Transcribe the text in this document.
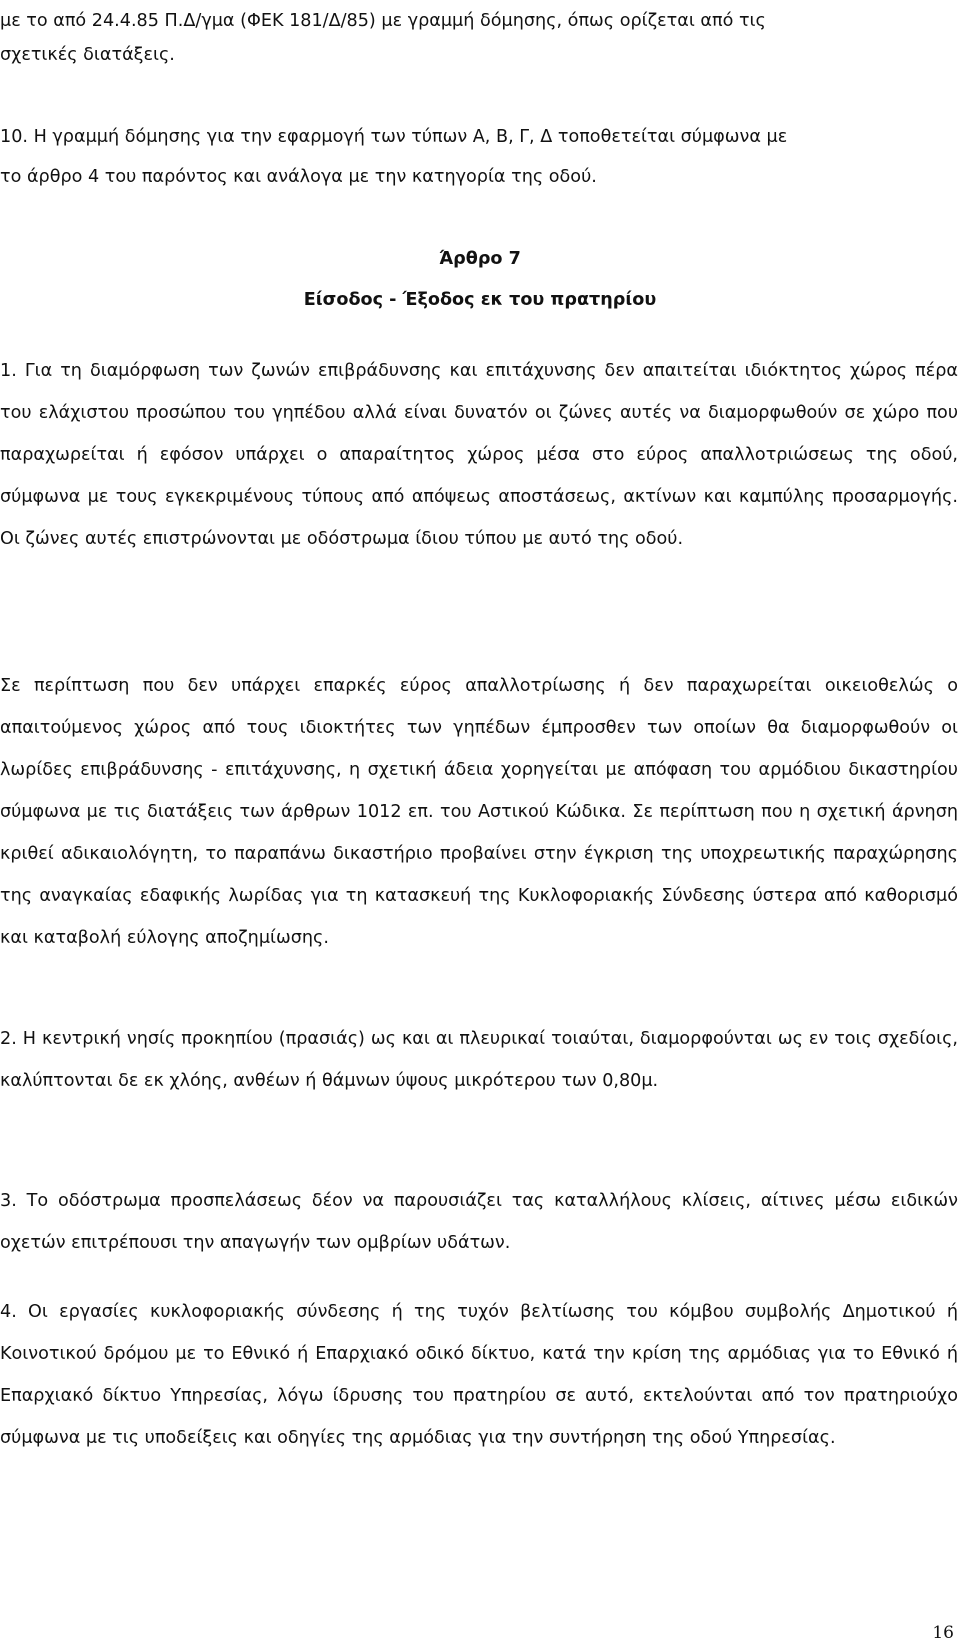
με το από 24.4.85 Π.Δ/γμα (ΦΕΚ 181/Δ/85) με γραμμή δόμησης, όπως ορίζεται από τις

σχετικές διατάξεις.

10. Η γραμμή δόμησης για την εφαρμογή των τύπων Α, Β, Γ, Δ τοποθετείται σύμφωνα με

το άρθρο 4 του παρόντος και ανάλογα με την κατηγορία της οδού.

Άρθρο 7
Είσοδος - Έξοδος εκ του πρατηρίου

1. Για τη διαμόρφωση των ζωνών επιβράδυνσης και επιτάχυνσης δεν απαιτείται ιδιόκτητος χώρος πέρα του ελάχιστου προσώπου του γηπέδου αλλά είναι δυνατόν οι ζώνες αυτές να διαμορφωθούν σε χώρο που παραχωρείται ή εφόσον υπάρχει ο απαραίτητος χώρος μέσα στο εύρος απαλλοτριώσεως της οδού, σύμφωνα με τους εγκεκριμένους τύπους από απόψεως αποστάσεως, ακτίνων και καμπύλης προσαρμογής. Οι ζώνες αυτές επιστρώνονται με οδόστρωμα ίδιου τύπου με αυτό της οδού.

Σε περίπτωση που δεν υπάρχει επαρκές εύρος απαλλοτρίωσης ή δεν παραχωρείται οικειοθελώς ο απαιτούμενος χώρος από τους ιδιοκτήτες των γηπέδων έμπροσθεν των οποίων θα διαμορφωθούν οι λωρίδες επιβράδυνσης - επιτάχυνσης, η σχετική άδεια χορηγείται με απόφαση του αρμόδιου δικαστηρίου σύμφωνα με τις διατάξεις των άρθρων 1012 επ. του Αστικού Κώδικα. Σε περίπτωση που η σχετική άρνηση κριθεί αδικαιολόγητη, το παραπάνω δικαστήριο προβαίνει στην έγκριση της υποχρεωτικής παραχώρησης της αναγκαίας εδαφικής λωρίδας για τη κατασκευή της Κυκλοφοριακής Σύνδεσης ύστερα από καθορισμό και καταβολή εύλογης αποζημίωσης.

2. Η κεντρική νησίς προκηπίου (πρασιάς) ως και αι πλευρικαί τοιαύται, διαμορφούνται ως εν τοις σχεδίοις, καλύπτονται δε εκ χλόης, ανθέων ή θάμνων ύψους μικρότερου των 0,80μ.

3. Το οδόστρωμα προσπελάσεως δέον να παρουσιάζει τας καταλλήλους κλίσεις, αίτινες μέσω ειδικών οχετών επιτρέπουσι την απαγωγήν των ομβρίων υδάτων.

4. Οι εργασίες κυκλοφοριακής σύνδεσης ή της τυχόν βελτίωσης του κόμβου συμβολής Δημοτικού ή Κοινοτικού δρόμου με το Εθνικό ή Επαρχιακό οδικό δίκτυο, κατά την κρίση της αρμόδιας για το Εθνικό ή Επαρχιακό δίκτυο Υπηρεσίας, λόγω ίδρυσης του πρατηρίου σε αυτό, εκτελούνται από τον πρατηριούχο σύμφωνα με τις υποδείξεις και οδηγίες της αρμόδιας για την συντήρηση της οδού Υπηρεσίας.

16
